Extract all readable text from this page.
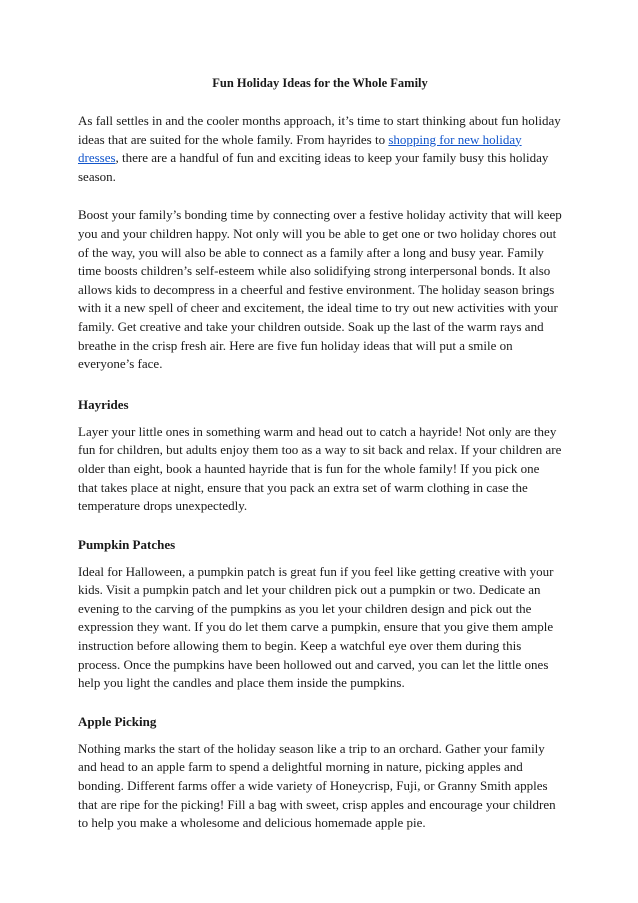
Fun Holiday Ideas for the Whole Family

As fall settles in and the cooler months approach, it’s time to start thinking about fun holiday ideas that are suited for the whole family. From hayrides to shopping for new holiday dresses, there are a handful of fun and exciting ideas to keep your family busy this holiday season.

Boost your family’s bonding time by connecting over a festive holiday activity that will keep you and your children happy. Not only will you be able to get one or two holiday chores out of the way, you will also be able to connect as a family after a long and busy year. Family time boosts children’s self-esteem while also solidifying strong interpersonal bonds. It also allows kids to decompress in a cheerful and festive environment. The holiday season brings with it a new spell of cheer and excitement, the ideal time to try out new activities with your family. Get creative and take your children outside. Soak up the last of the warm rays and breathe in the crisp fresh air. Here are five fun holiday ideas that will put a smile on everyone’s face.

Hayrides

Layer your little ones in something warm and head out to catch a hayride! Not only are they fun for children, but adults enjoy them too as a way to sit back and relax. If your children are older than eight, book a haunted hayride that is fun for the whole family! If you pick one that takes place at night, ensure that you pack an extra set of warm clothing in case the temperature drops unexpectedly.

Pumpkin Patches

Ideal for Halloween, a pumpkin patch is great fun if you feel like getting creative with your kids. Visit a pumpkin patch and let your children pick out a pumpkin or two. Dedicate an evening to the carving of the pumpkins as you let your children design and pick out the expression they want. If you do let them carve a pumpkin, ensure that you give them ample instruction before allowing them to begin. Keep a watchful eye over them during this process. Once the pumpkins have been hollowed out and carved, you can let the little ones help you light the candles and place them inside the pumpkins.

Apple Picking

Nothing marks the start of the holiday season like a trip to an orchard. Gather your family and head to an apple farm to spend a delightful morning in nature, picking apples and bonding. Different farms offer a wide variety of Honeycrisp, Fuji, or Granny Smith apples that are ripe for the picking! Fill a bag with sweet, crisp apples and encourage your children to help you make a wholesome and delicious homemade apple pie.
